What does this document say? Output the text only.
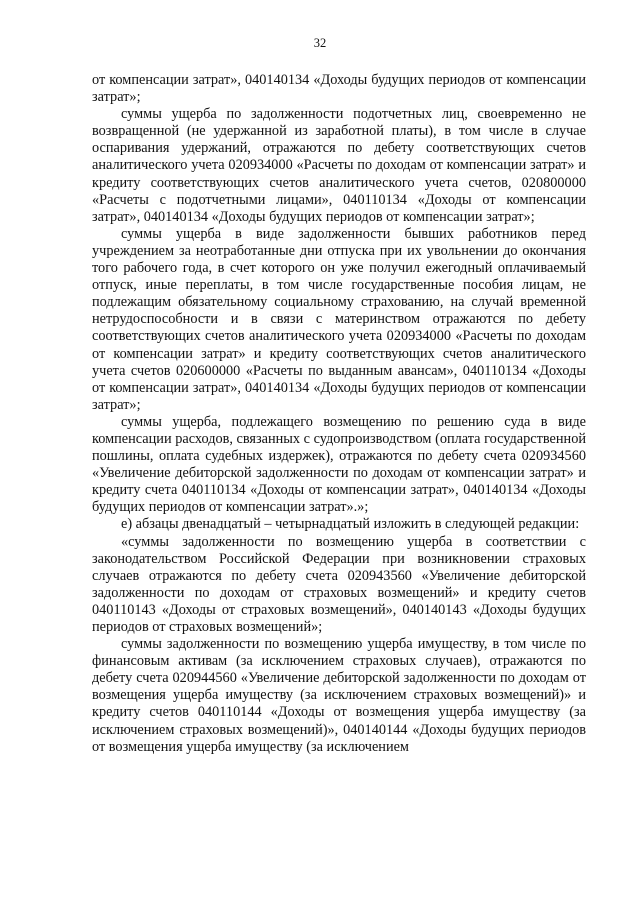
32

от компенсации затрат», 040140134 «Доходы будущих периодов от компенсации затрат»;

суммы ущерба по задолженности подотчетных лиц, своевременно не возвращенной (не удержанной из заработной платы), в том числе в случае оспаривания удержаний, отражаются по дебету соответствующих счетов аналитического учета 020934000 «Расчеты по доходам от компенсации затрат» и кредиту соответствующих счетов аналитического учета счетов, 020800000 «Расчеты с подотчетными лицами», 040110134 «Доходы от компенсации затрат», 040140134 «Доходы будущих периодов от компенсации затрат»;

суммы ущерба в виде задолженности бывших работников перед учреждением за неотработанные дни отпуска при их увольнении до окончания того рабочего года, в счет которого он уже получил ежегодный оплачиваемый отпуск, иные переплаты, в том числе государственные пособия лицам, не подлежащим обязательному социальному страхованию, на случай временной нетрудоспособности и в связи с материнством отражаются по дебету соответствующих счетов аналитического учета 020934000 «Расчеты по доходам от компенсации затрат» и кредиту соответствующих счетов аналитического учета счетов 020600000 «Расчеты по выданным авансам», 040110134 «Доходы от компенсации затрат», 040140134 «Доходы будущих периодов от компенсации затрат»;

суммы ущерба, подлежащего возмещению по решению суда в виде компенсации расходов, связанных с судопроизводством (оплата государственной пошлины, оплата судебных издержек), отражаются по дебету счета 020934560 «Увеличение дебиторской задолженности по доходам от компенсации затрат» и кредиту счета 040110134 «Доходы от компенсации затрат», 040140134 «Доходы будущих периодов от компенсации затрат».»;

е) абзацы двенадцатый – четырнадцатый изложить в следующей редакции:

«суммы задолженности по возмещению ущерба в соответствии с законодательством Российской Федерации при возникновении страховых случаев отражаются по дебету счета 020943560 «Увеличение дебиторской задолженности по доходам от страховых возмещений» и кредиту счетов 040110143 «Доходы от страховых возмещений», 040140143 «Доходы будущих периодов от страховых возмещений»;

суммы задолженности по возмещению ущерба имуществу, в том числе по финансовым активам (за исключением страховых случаев), отражаются по дебету счета 020944560 «Увеличение дебиторской задолженности по доходам от возмещения ущерба имуществу (за исключением страховых возмещений)» и кредиту счетов 040110144 «Доходы от возмещения ущерба имуществу (за исключением страховых возмещений)», 040140144 «Доходы будущих периодов от возмещения ущерба имуществу (за исключением
